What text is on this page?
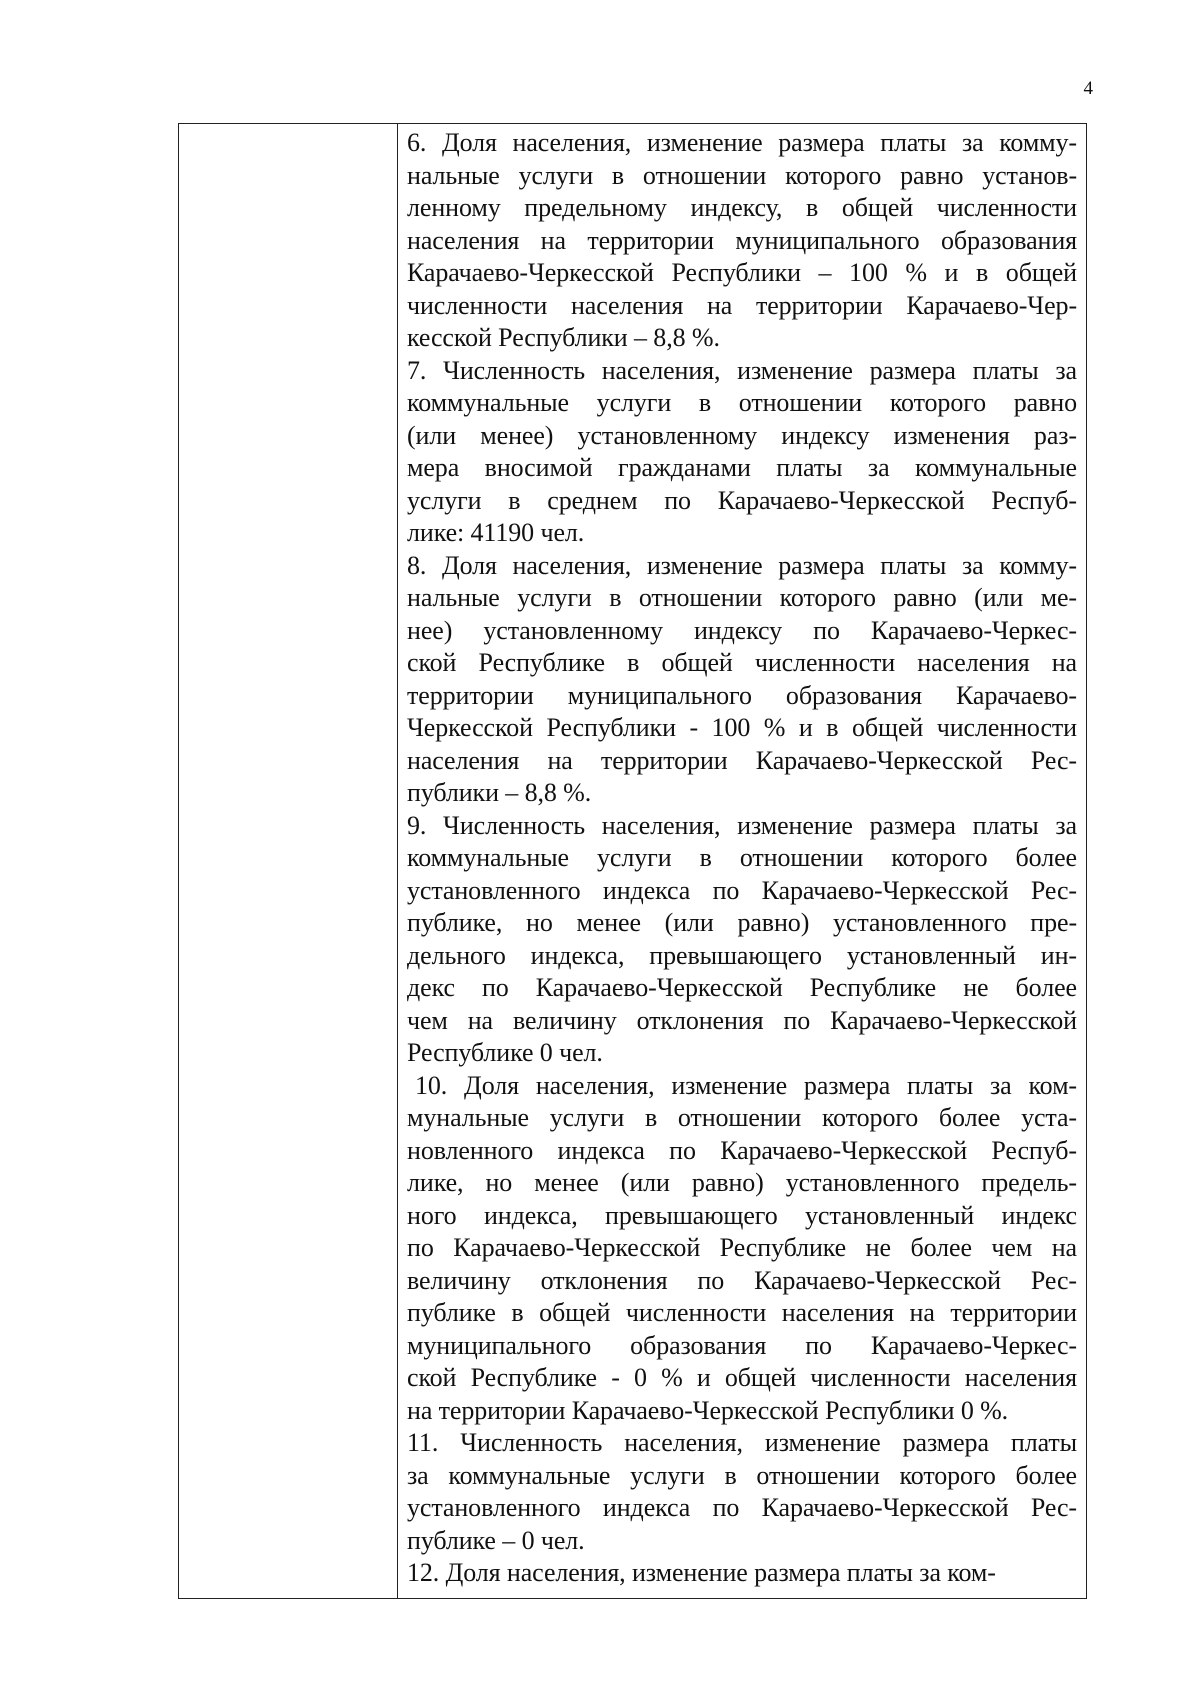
4
6. Доля населения, изменение размера платы за комму-
нальные услуги в отношении которого равно установ-
ленному предельному индексу, в общей численности
населения на территории муниципального образования
Карачаево-Черкесской Республики – 100 % и в общей
численности населения на территории Карачаево-Чер-
кесской Республики – 8,8 %.
7. Численность населения, изменение размера платы за
коммунальные услуги в отношении которого равно
(или менее) установленному индексу изменения раз-
мера вносимой гражданами платы за коммунальные
услуги в среднем по Карачаево-Черкесской Респуб-
лике: 41190 чел.
8. Доля населения, изменение размера платы за комму-
нальные услуги в отношении которого равно (или ме-
нее) установленному индексу по Карачаево-Черкес-
ской Республике в общей численности населения на
территории муниципального образования Карачаево-
Черкесской Республики - 100 % и в общей численности
населения на территории Карачаево-Черкесской Рес-
публики – 8,8 %.
9. Численность населения, изменение размера платы за
коммунальные услуги в отношении которого более
установленного индекса по Карачаево-Черкесской Рес-
публике, но менее (или равно) установленного пре-
дельного индекса, превышающего установленный ин-
декс по Карачаево-Черкесской Республике не более
чем на величину отклонения по Карачаево-Черкесской
Республике 0 чел.
10. Доля населения, изменение размера платы за ком-
мунальные услуги в отношении которого более уста-
новленного индекса по Карачаево-Черкесской Респуб-
лике, но менее (или равно) установленного предель-
ного индекса, превышающего установленный индекс
по Карачаево-Черкесской Республике не более чем на
величину отклонения по Карачаево-Черкесской Рес-
публике в общей численности населения на территории
муниципального образования по Карачаево-Черкес-
ской Республике - 0 % и общей численности населения
на территории Карачаево-Черкесской Республики 0 %.
11. Численность населения, изменение размера платы
за коммунальные услуги в отношении которого более
установленного индекса по Карачаево-Черкесской Рес-
публике – 0 чел.
12. Доля населения, изменение размера платы за ком-
